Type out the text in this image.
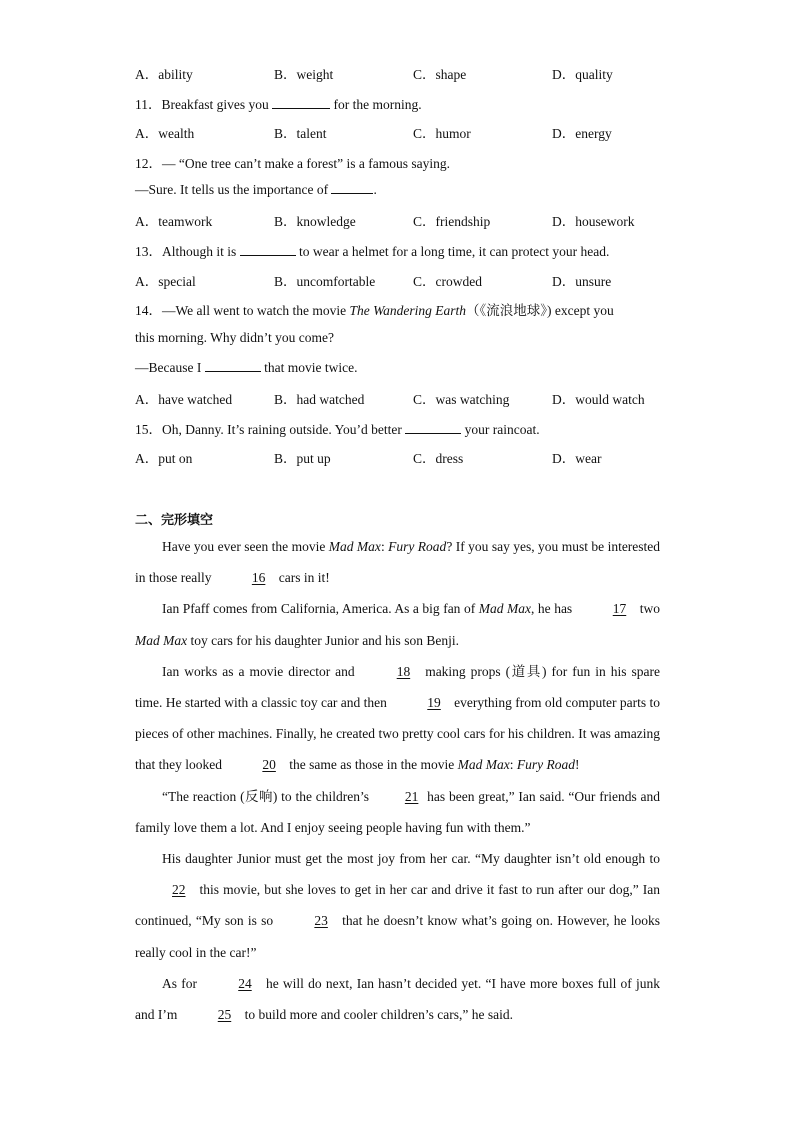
A．ability	B．weight	C．shape	D．quality
11．Breakfast gives you	for the morning.
A．wealth	B．talent	C．humor	D．energy
12．— “One tree can’t make a forest” is a famous saying.
—Sure. It tells us the importance of	.
A．teamwork	B．knowledge	C．friendship	D．housework
13．Although it is	to wear a helmet for a long time, it can protect your head.
A．special	B．uncomfortable	C．crowded	D．unsure
14．—We all went to watch the movie The Wandering Earth（《流浪地球》) except you
this morning. Why didn’t you come?
—Because I	that movie twice.
A．have watched	B．had watched	C．was watching	D．would watch
15．Oh, Danny. It’s raining outside. You’d better	your raincoat.
A．put on	B．put up	C．dress	D．wear
二、完形填空

Have you ever seen the movie Mad Max: Fury Road? If you say yes, you must be interested in those really	16 cars in it!

Ian Pfaff comes from California, America. As a big fan of Mad Max, he has	17 two Mad Max toy cars for his daughter Junior and his son Benji.

Ian works as a movie director and	18 making props (道具) for fun in his spare time. He started with a classic toy car and then	19 everything from old computer parts to pieces of other machines. Finally, he created two pretty cool cars for his children. It was amazing that they looked	20 the same as those in the movie Mad Max: Fury Road!

“The reaction (反响) to the children’s	21 has been great,” Ian said. “Our friends and family love them a lot. And I enjoy seeing people having fun with them.”

His daughter Junior must get the most joy from her car. “My daughter isn’t old enough to 22 this movie, but she loves to get in her car and drive it fast to run after our dog,” Ian continued, “My son is so	23 that he doesn’t know what’s going on. However, he looks really cool in the car!”

As for	24 he will do next, Ian hasn’t decided yet. “I have more boxes full of junk and I’m	25 to build more and cooler children’s cars,” he said.
